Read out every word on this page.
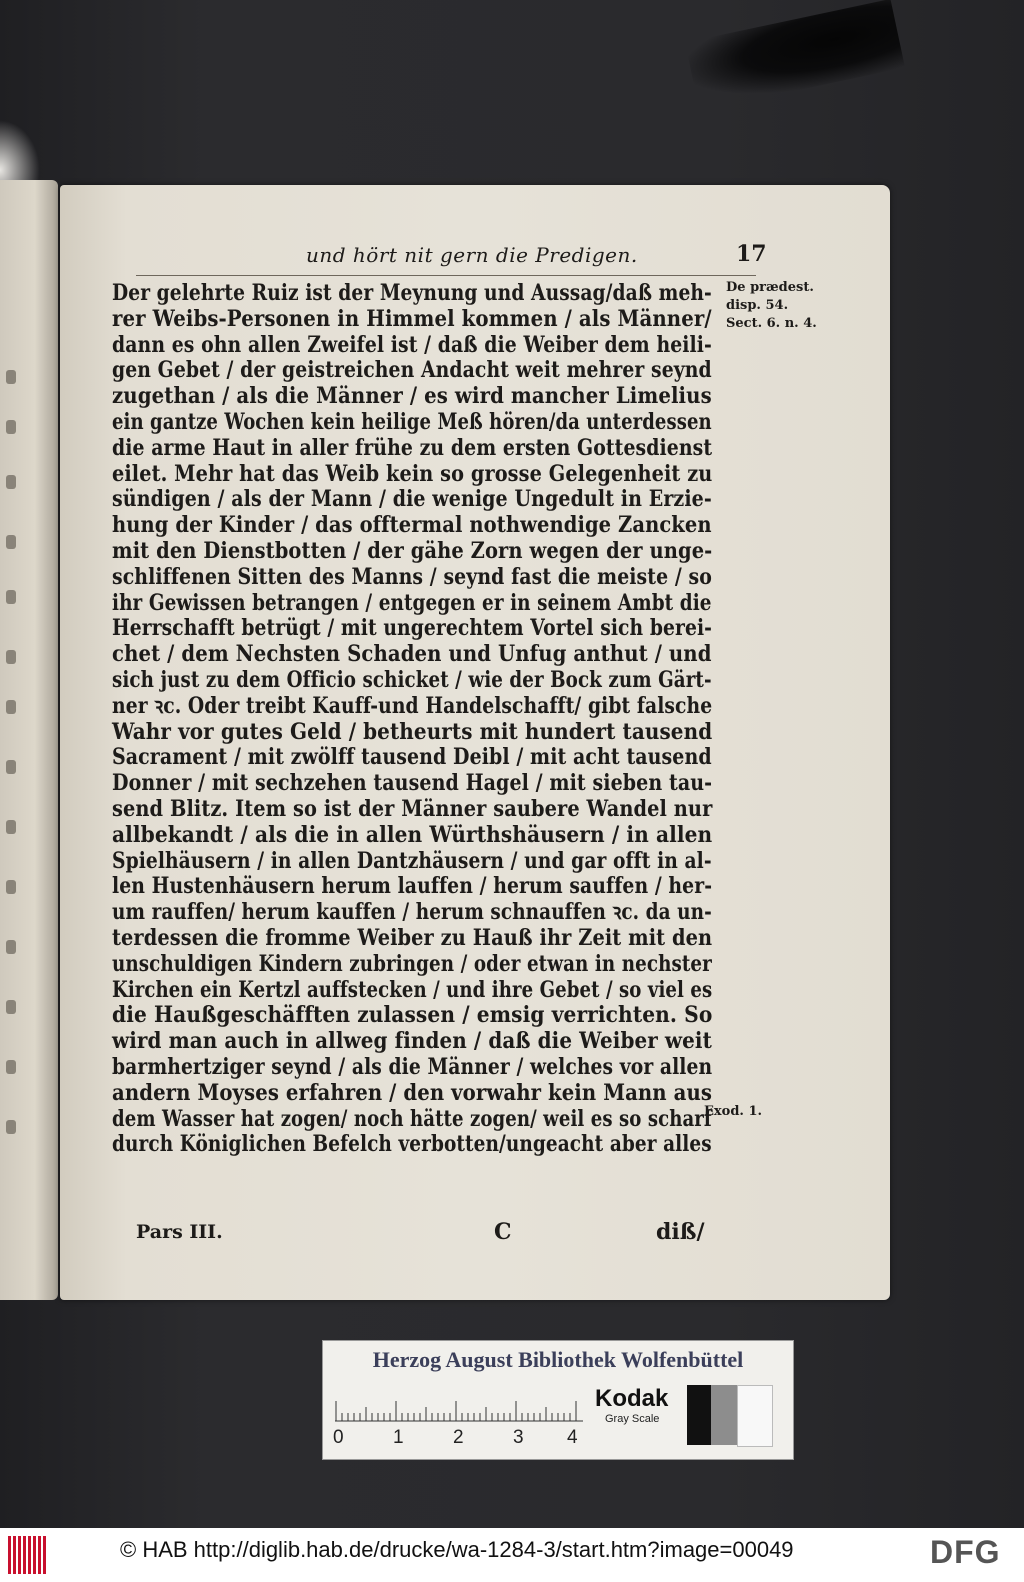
und hört nit gern die Predigen.	17
Der gelehrte Ruiz ist der Meynung und Aussag/daß meh-
rer Weibs-Personen in Himmel kommen / als Männer/
dann es ohn allen Zweifel ist / daß die Weiber dem heili-
gen Gebet / der geistreichen Andacht weit mehrer seynd
zugethan / als die Männer / es wird mancher Limelius
ein gantze Wochen kein heilige Meß hören/da unterdessen
die arme Haut in aller frühe zu dem ersten Gottesdienst
eilet. Mehr hat das Weib kein so grosse Gelegenheit zu
sündigen / als der Mann / die wenige Ungedult in Erzie-
hung der Kinder / das offtermal nothwendige Zancken
mit den Dienstbotten / der gähe Zorn wegen der unge-
schliffenen Sitten des Manns / seynd fast die meiste / so
ihr Gewissen betrangen / entgegen er in seinem Ambt die
Herrschafft betrügt / mit ungerechtem Vortel sich berei-
chet / dem Nechsten Schaden und Unfug anthut / und
sich just zu dem Officio schicket / wie der Bock zum Gärt-
ner ꝛc. Oder treibt Kauff-und Handelschafft/ gibt falsche
Wahr vor gutes Geld / betheurts mit hundert tausend
Sacrament / mit zwölff tausend Deibl / mit acht tausend
Donner / mit sechzehen tausend Hagel / mit sieben tau-
send Blitz. Item so ist der Männer saubere Wandel nur
allbekandt / als die in allen Würthshäusern / in allen
Spielhäusern / in allen Dantzhäusern / und gar offt in al-
len Hustenhäusern herum lauffen / herum sauffen / her-
um rauffen/ herum kauffen / herum schnauffen ꝛc. da un-
terdessen die fromme Weiber zu Hauß ihr Zeit mit den
unschuldigen Kindern zubringen / oder etwan in nechster
Kirchen ein Kertzl auffstecken / und ihre Gebet / so viel es
die Haußgeschäfften zulassen / emsig verrichten. So
wird man auch in allweg finden / daß die Weiber weit
barmhertziger seynd / als die Männer / welches vor allen
andern Moyses erfahren / den vorwahr kein Mann aus
dem Wasser hat zogen/ noch hätte zogen/ weil es so scharf
durch Königlichen Befelch verbotten/ungeacht aber alles
De prædest.
disp. 54.
Sect. 6. n. 4.
Exod. 1.
Pars III.	C	diß/
Herzog August Bibliothek Wolfenbüttel
0	1	2	3 4
Kodak
Gray Scale
© HAB http://diglib.hab.de/drucke/wa-1284-3/start.htm?image=00049	DFG
